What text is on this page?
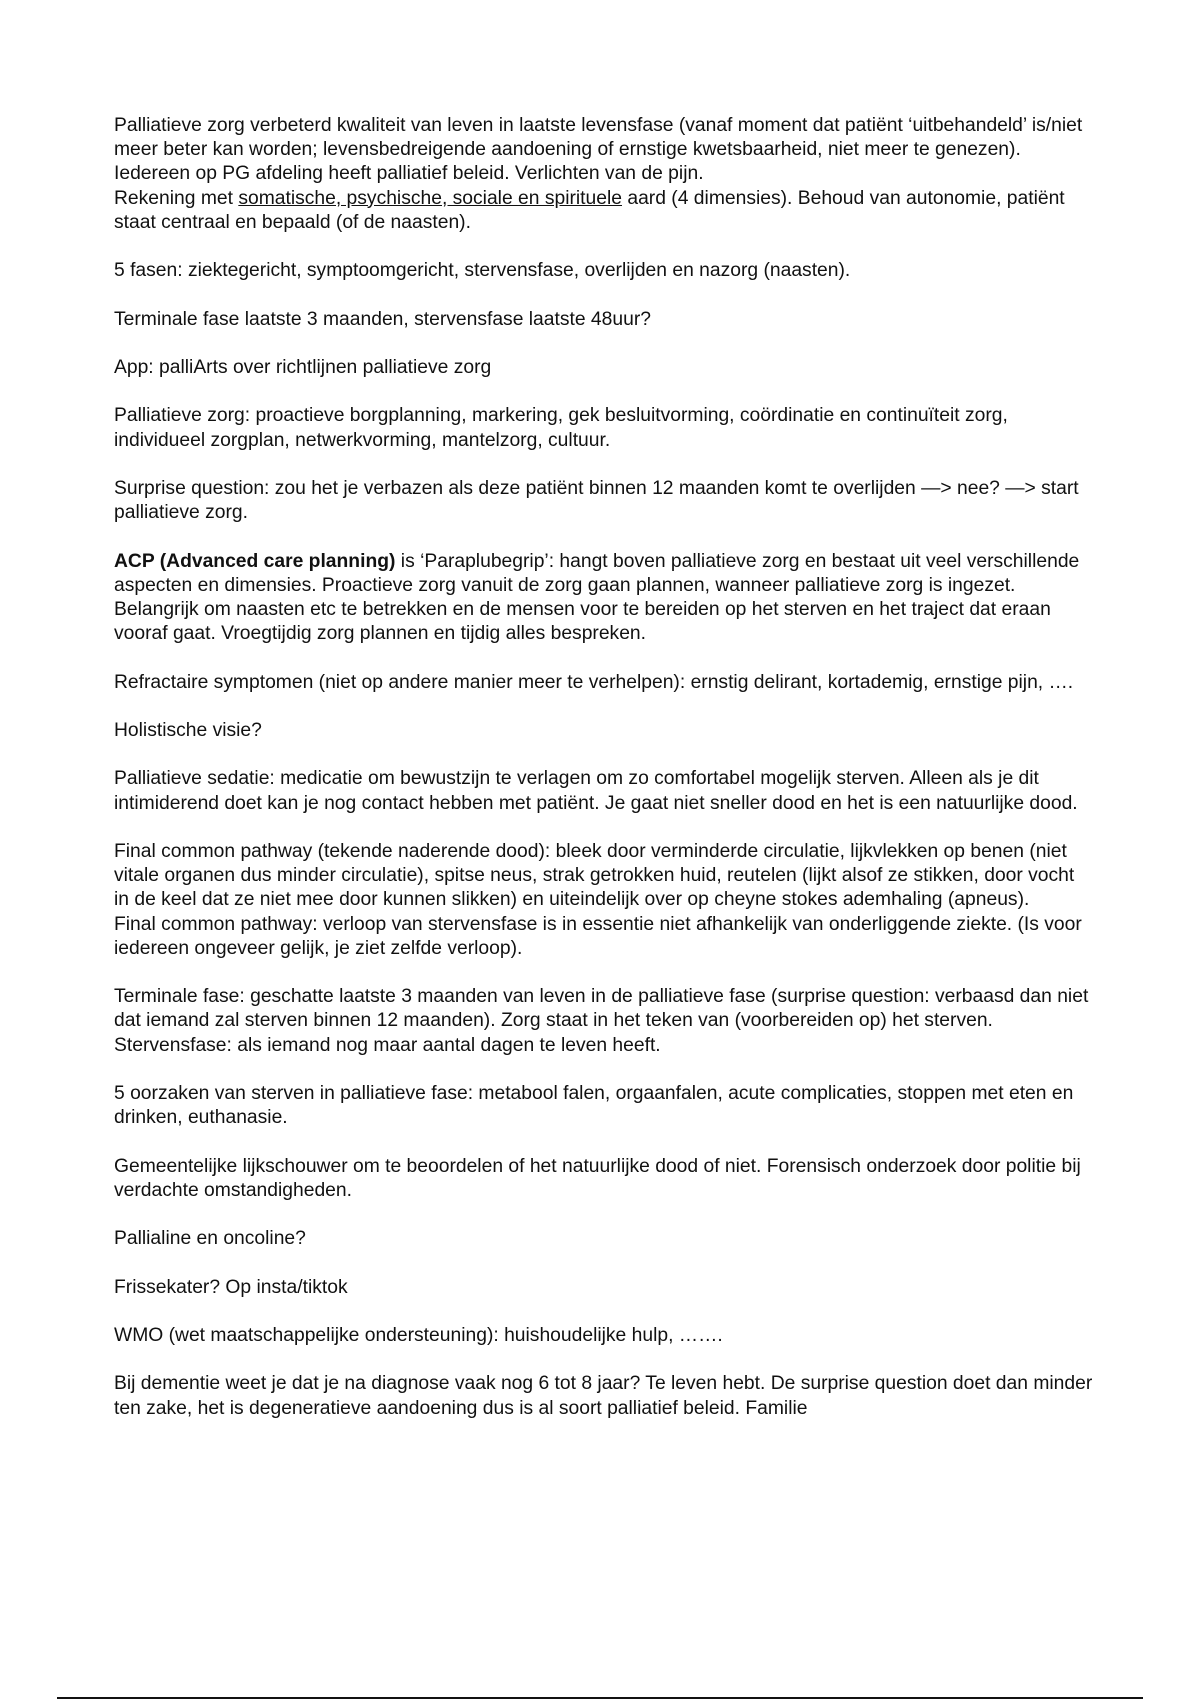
Palliatieve zorg verbeterd kwaliteit van leven in laatste levensfase (vanaf moment dat patiënt ‘uitbehandeld’ is/niet meer beter kan worden; levensbedreigende aandoening of ernstige kwetsbaarheid, niet meer te genezen). Iedereen op PG afdeling heeft palliatief beleid. Verlichten van de pijn.

Rekening met somatische, psychische, sociale en spirituele aard (4 dimensies). Behoud van autonomie, patiënt staat centraal en bepaald (of de naasten).

5 fasen: ziektegericht, symptoomgericht, stervensfase, overlijden en nazorg (naasten).

Terminale fase laatste 3 maanden, stervensfase laatste 48uur?

App: palliArts over richtlijnen palliatieve zorg

Palliatieve zorg: proactieve borgplanning, markering, gek besluitvorming, coördinatie en continuïteit zorg, individueel zorgplan, netwerkvorming, mantelzorg, cultuur.

Surprise question: zou het je verbazen als deze patiënt binnen 12 maanden komt te overlijden —> nee? —> start palliatieve zorg.

ACP (Advanced care planning) is ‘Paraplubegrip’: hangt boven palliatieve zorg en bestaat uit veel verschillende aspecten en dimensies. Proactieve zorg vanuit de zorg gaan plannen, wanneer palliatieve zorg is ingezet. Belangrijk om naasten etc te betrekken en de mensen voor te bereiden op het sterven en het traject dat eraan vooraf gaat. Vroegtijdig zorg plannen en tijdig alles bespreken.

Refractaire symptomen (niet op andere manier meer te verhelpen): ernstig delirant, kortademig, ernstige pijn, ….

Holistische visie?

Palliatieve sedatie: medicatie om bewustzijn te verlagen om zo comfortabel mogelijk sterven. Alleen als je dit intimiderend doet kan je nog contact hebben met patiënt. Je gaat niet sneller dood en het is een natuurlijke dood.

Final common pathway (tekende naderende dood): bleek door verminderde circulatie, lijkvlekken op benen (niet vitale organen dus minder circulatie), spitse neus, strak getrokken huid, reutelen (lijkt alsof ze stikken, door vocht in de keel dat ze niet mee door kunnen slikken) en uiteindelijk over op cheyne stokes ademhaling (apneus).

Final common pathway: verloop van stervensfase is in essentie niet afhankelijk van onderliggende ziekte. (Is voor iedereen ongeveer gelijk, je ziet zelfde verloop).

Terminale fase: geschatte laatste 3 maanden van leven in de palliatieve fase (surprise question: verbaasd dan niet dat iemand zal sterven binnen 12 maanden). Zorg staat in het teken van (voorbereiden op) het sterven.

Stervensfase: als iemand nog maar aantal dagen te leven heeft.

5 oorzaken van sterven in palliatieve fase: metabool falen, orgaanfalen, acute complicaties, stoppen met eten en drinken, euthanasie.

Gemeentelijke lijkschouwer om te beoordelen of het natuurlijke dood of niet. Forensisch onderzoek door politie bij verdachte omstandigheden.

Pallialine en oncoline?

Frissekater? Op insta/tiktok

WMO (wet maatschappelijke ondersteuning): huishoudelijke hulp, …….

Bij dementie weet je dat je na diagnose vaak nog 6 tot 8 jaar? Te leven hebt. De surprise question doet dan minder ten zake, het is degeneratieve aandoening dus is al soort palliatief beleid. Familie
